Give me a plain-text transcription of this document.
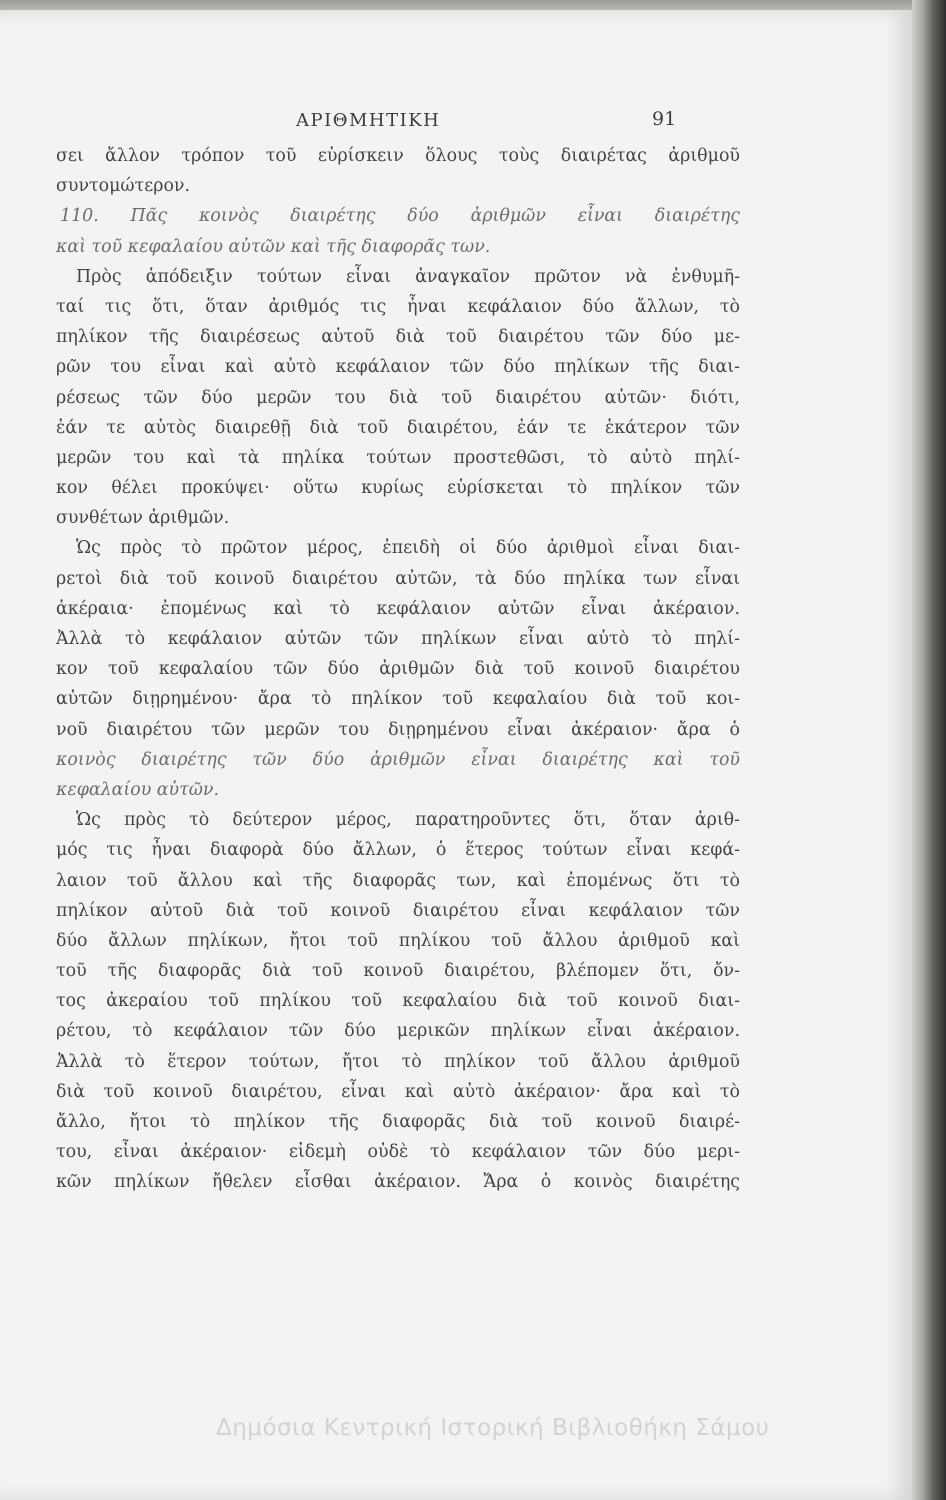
ΑΡΙΘΜΗΤΙΚΗ	91
σει ἄλλον τρόπον τοῦ εὑρίσκειν ὅλους τοὺς διαιρέτας ἀριθμοῦ
συντομώτερον.
110. Πᾶς κοινὸς διαιρέτης δύο ἀριθμῶν εἶναι διαιρέτης
καὶ τοῦ κεφαλαίου αὐτῶν καὶ τῆς διαφορᾶς των.
Πρὸς ἀπόδειξιν τούτων εἶναι ἀναγκαῖον πρῶτον νὰ ἐνθυμῆ-
ταί τις ὅτι, ὅταν ἀριθμός τις ἦναι κεφάλαιον δύο ἄλλων, τὸ
πηλίκον τῆς διαιρέσεως αὐτοῦ διὰ τοῦ διαιρέτου τῶν δύο με-
ρῶν του εἶναι καὶ αὐτὸ κεφάλαιον τῶν δύο πηλίκων τῆς διαι-
ρέσεως τῶν δύο μερῶν του διὰ τοῦ διαιρέτου αὐτῶν· διότι,
ἐάν τε αὐτὸς διαιρεθῇ διὰ τοῦ διαιρέτου, ἐάν τε ἑκάτερον τῶν
μερῶν του καὶ τὰ πηλίκα τούτων προστεθῶσι, τὸ αὐτὸ πηλί-
κον θέλει προκύψει· οὕτω κυρίως εὑρίσκεται τὸ πηλίκον τῶν
συνθέτων ἀριθμῶν.
Ὡς πρὸς τὸ πρῶτον μέρος, ἐπειδὴ οἱ δύο ἀριθμοὶ εἶναι διαι-
ρετοὶ διὰ τοῦ κοινοῦ διαιρέτου αὐτῶν, τὰ δύο πηλίκα των εἶναι
ἀκέραια· ἐπομένως καὶ τὸ κεφάλαιον αὐτῶν εἶναι ἀκέραιον.
Ἀλλὰ τὸ κεφάλαιον αὐτῶν τῶν πηλίκων εἶναι αὐτὸ τὸ πηλί-
κον τοῦ κεφαλαίου τῶν δύο ἀριθμῶν διὰ τοῦ κοινοῦ διαιρέτου
αὐτῶν διῃρημένου· ἄρα τὸ πηλίκον τοῦ κεφαλαίου διὰ τοῦ κοι-
νοῦ διαιρέτου τῶν μερῶν του διῃρημένου εἶναι ἀκέραιον· ἄρα ὁ
κοινὸς διαιρέτης τῶν δύο ἀριθμῶν εἶναι διαιρέτης καὶ τοῦ
κεφαλαίου αὐτῶν.
Ὡς πρὸς τὸ δεύτερον μέρος, παρατηροῦντες ὅτι, ὅταν ἀριθ-
μός τις ἦναι διαφορὰ δύο ἄλλων, ὁ ἕτερος τούτων εἶναι κεφά-
λαιον τοῦ ἄλλου καὶ τῆς διαφορᾶς των, καὶ ἐπομένως ὅτι τὸ
πηλίκον αὐτοῦ διὰ τοῦ κοινοῦ διαιρέτου εἶναι κεφάλαιον τῶν
δύο ἄλλων πηλίκων, ἤτοι τοῦ πηλίκου τοῦ ἄλλου ἀριθμοῦ καὶ
τοῦ τῆς διαφορᾶς διὰ τοῦ κοινοῦ διαιρέτου, βλέπομεν ὅτι, ὄν-
τος ἀκεραίου τοῦ πηλίκου τοῦ κεφαλαίου διὰ τοῦ κοινοῦ διαι-
ρέτου, τὸ κεφάλαιον τῶν δύο μερικῶν πηλίκων εἶναι ἀκέραιον.
Ἀλλὰ τὸ ἕτερον τούτων, ἤτοι τὸ πηλίκον τοῦ ἄλλου ἀριθμοῦ
διὰ τοῦ κοινοῦ διαιρέτου, εἶναι καὶ αὐτὸ ἀκέραιον· ἄρα καὶ τὸ
ἄλλο, ἤτοι τὸ πηλίκον τῆς διαφορᾶς διὰ τοῦ κοινοῦ διαιρέ-
του, εἶναι ἀκέραιον· εἰδεμὴ οὐδὲ τὸ κεφάλαιον τῶν δύο μερι-
κῶν πηλίκων ἤθελεν εἶσθαι ἀκέραιον. Ἄρα ὁ κοινὸς διαιρέτης
Δημόσια Κεντρική Ιστορική Βιβλιοθήκη Σάμου
